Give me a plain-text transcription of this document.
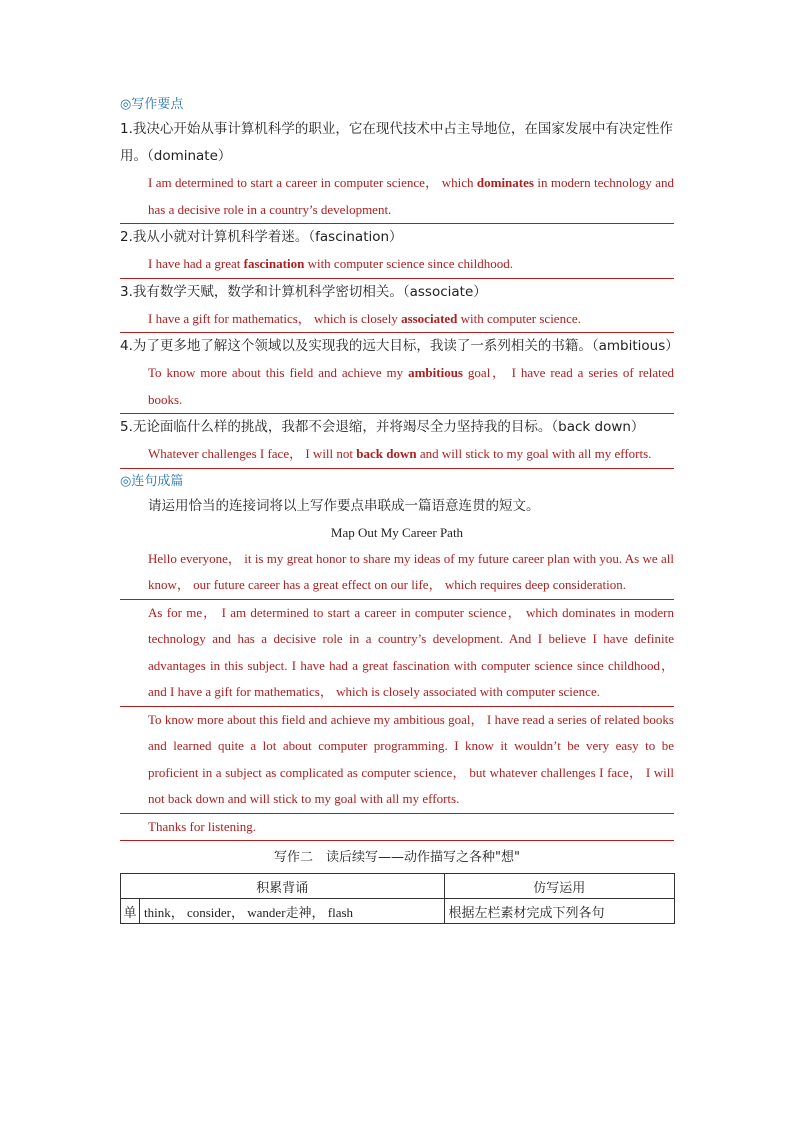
◎写作要点
1.我决心开始从事计算机科学的职业，它在现代技术中占主导地位，在国家发展中有决定性作用。（dominate）
I am determined to start a career in computer science， which dominates in modern technology and has a decisive role in a country’s development.
2.我从小就对计算机科学着迷。（fascination）
I have had a great fascination with computer science since childhood.
3.我有数学天赋，数学和计算机科学密切相关。（associate）
I have a gift for mathematics， which is closely associated with computer science.
4.为了更多地了解这个领域以及实现我的远大目标，我读了一系列相关的书籍。（ambitious）
To know more about this field and achieve my ambitious goal， I have read a series of related books.
5.无论面临什么样的挑战，我都不会退缩，并将竭尽全力坚持我的目标。（back down）
Whatever challenges I face， I will not back down and will stick to my goal with all my efforts.
◎连句成篇
请运用恰当的连接词将以上写作要点串联成一篇语意连贯的短文。
Map Out My Career Path
Hello everyone， it is my great honor to share my ideas of my future career plan with you. As we all know， our future career has a great effect on our life， which requires deep consideration.
As for me， I am determined to start a career in computer science， which dominates in modern technology and has a decisive role in a country’s development. And I believe I have definite advantages in this subject. I have had a great fascination with computer science since childhood， and I have a gift for mathematics， which is closely associated with computer science.
To know more about this field and achieve my ambitious goal， I have read a series of related books and learned quite a lot about computer programming. I know it wouldn’t be very easy to be proficient in a subject as complicated as computer science， but whatever challenges I face， I will not back down and will stick to my goal with all my efforts.
Thanks for listening.
写作二　读后续写——动作描写之各种"想"
积累背诵		仿写运用
单	think， consider， wander走神， flash	根据左栏素材完成下列各句
